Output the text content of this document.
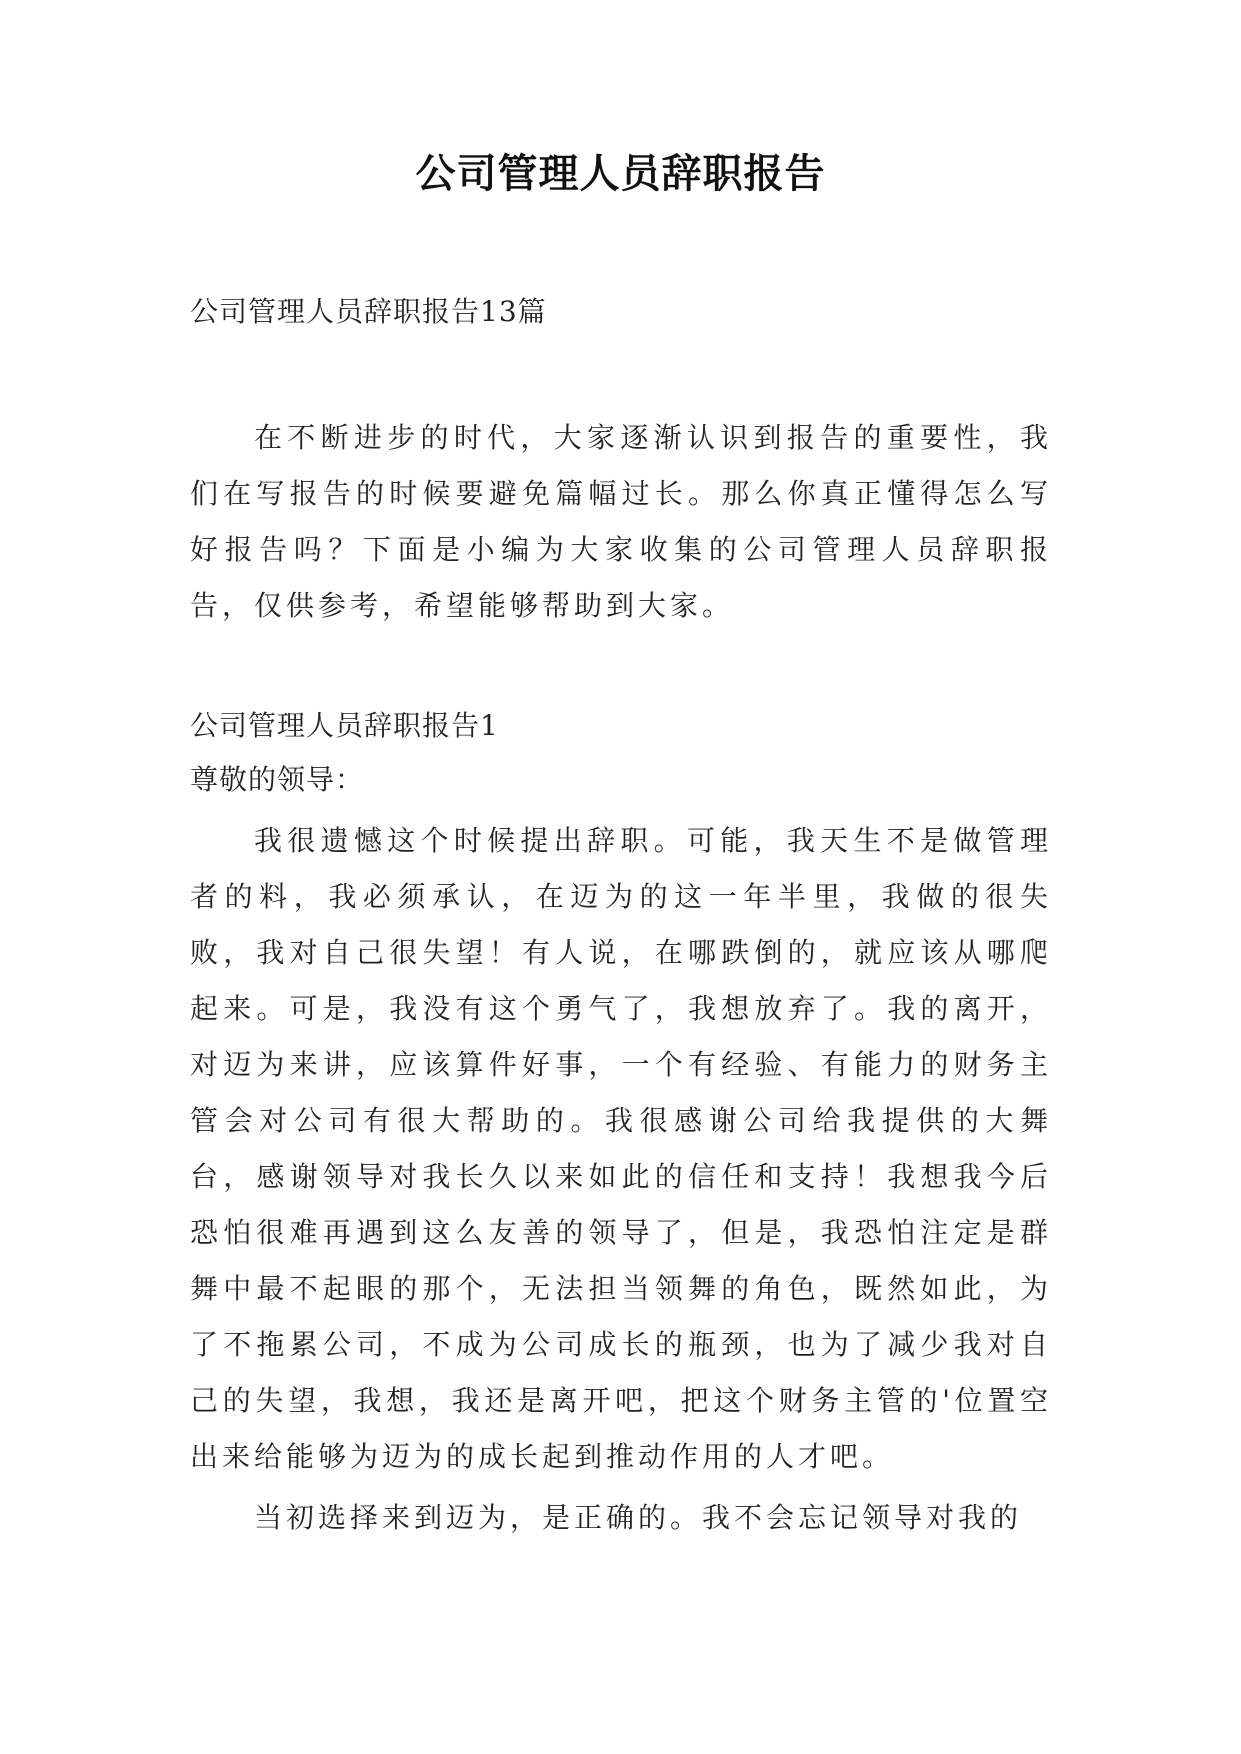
公司管理人员辞职报告

公司管理人员辞职报告13篇

在不断进步的时代，大家逐渐认识到报告的重要性，我们在写报告的时候要避免篇幅过长。那么你真正懂得怎么写好报告吗？下面是小编为大家收集的公司管理人员辞职报告，仅供参考，希望能够帮助到大家。

公司管理人员辞职报告1

尊敬的领导：

我很遗憾这个时候提出辞职。可能，我天生不是做管理者的料，我必须承认，在迈为的这一年半里，我做的很失败，我对自己很失望！有人说，在哪跌倒的，就应该从哪爬起来。可是，我没有这个勇气了，我想放弃了。我的离开，对迈为来讲，应该算件好事，一个有经验、有能力的财务主管会对公司有很大帮助的。我很感谢公司给我提供的大舞台，感谢领导对我长久以来如此的信任和支持！我想我今后恐怕很难再遇到这么友善的领导了，但是，我恐怕注定是群舞中最不起眼的那个，无法担当领舞的角色，既然如此，为了不拖累公司，不成为公司成长的瓶颈，也为了减少我对自己的失望，我想，我还是离开吧，把这个财务主管的'位置空出来给能够为迈为的成长起到推动作用的人才吧。

当初选择来到迈为，是正确的。我不会忘记领导对我的
